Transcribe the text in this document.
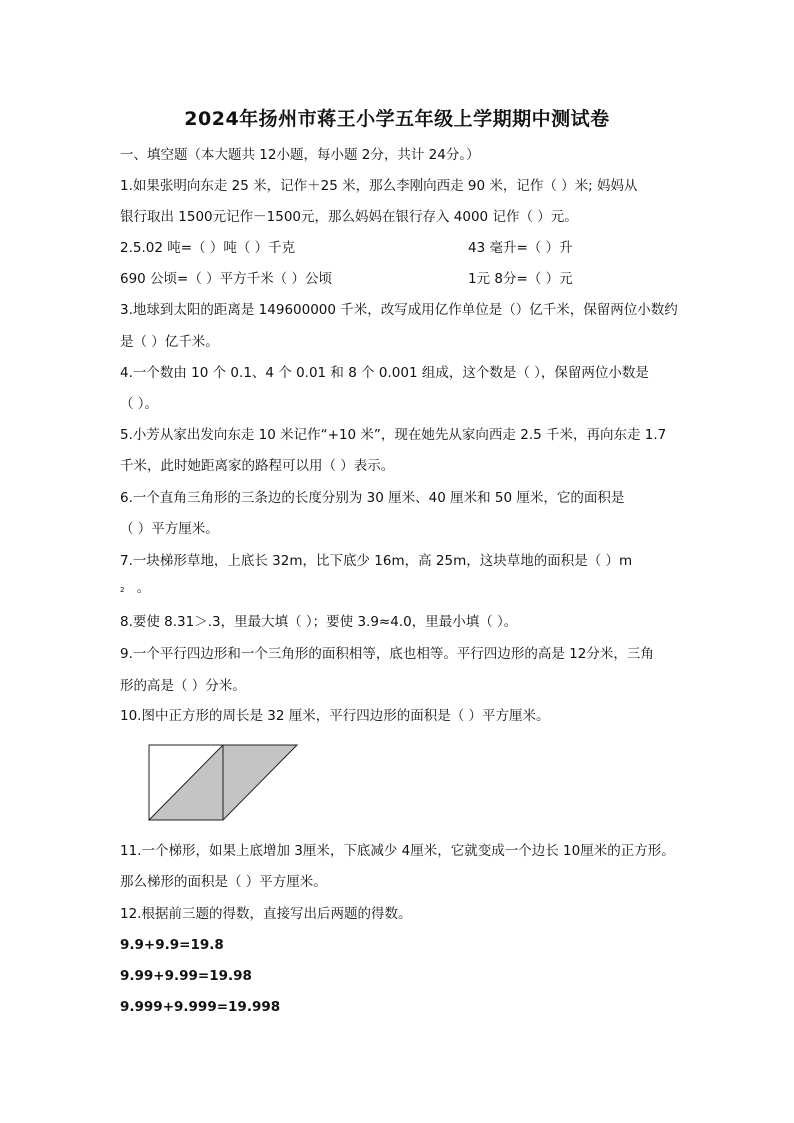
2024年扬州市蒋王小学五年级上学期期中测试卷
一、填空题（本大题共 12小题，每小题 2分，共计 24分。）
1.如果张明向东走 25 米，记作＋25 米，那么李刚向西走 90 米，记作（ ）米; 妈妈从
银行取出 1500元记作－1500元，那么妈妈在银行存入 4000 记作（ ）元。
2.5.02 吨=（ ）吨（ ）千克	43 毫升=（ ）升
690 公顷=（ ）平方千米（ ）公顷	1元 8分=（ ）元
3.地球到太阳的距离是 149600000 千米，改写成用亿作单位是（）亿千米，保留两位小数约
是（ ）亿千米。
4.一个数由 10 个 0.1、4 个 0.01 和 8 个 0.001 组成，这个数是（ ），保留两位小数是
（ ）。
5.小芳从家出发向东走 10 米记作“+10 米”，现在她先从家向西走 2.5 千米，再向东走 1.7
千米，此时她距离家的路程可以用（ ）表示。
6.一个直角三角形的三条边的长度分别为 30 厘米、40 厘米和 50 厘米，它的面积是
（ ）平方厘米。
7.一块梯形草地，上底长 32m，比下底少 16m，高 25m，这块草地的面积是（ ）m
2 。
8.要使 8.31＞.3，里最大填（ ）；要使 3.9≈4.0，里最小填（ ）。
9.一个平行四边形和一个三角形的面积相等，底也相等。平行四边形的高是 12分米，三角
形的高是（ ）分米。
10.图中正方形的周长是 32 厘米，平行四边形的面积是（ ）平方厘米。
11.一个梯形，如果上底增加 3厘米，下底减少 4厘米，它就变成一个边长 10厘米的正方形。
那么梯形的面积是（ ）平方厘米。
12.根据前三题的得数，直接写出后两题的得数。
9.9+9.9=19.8
9.99+9.99=19.98
9.999+9.999=19.998
